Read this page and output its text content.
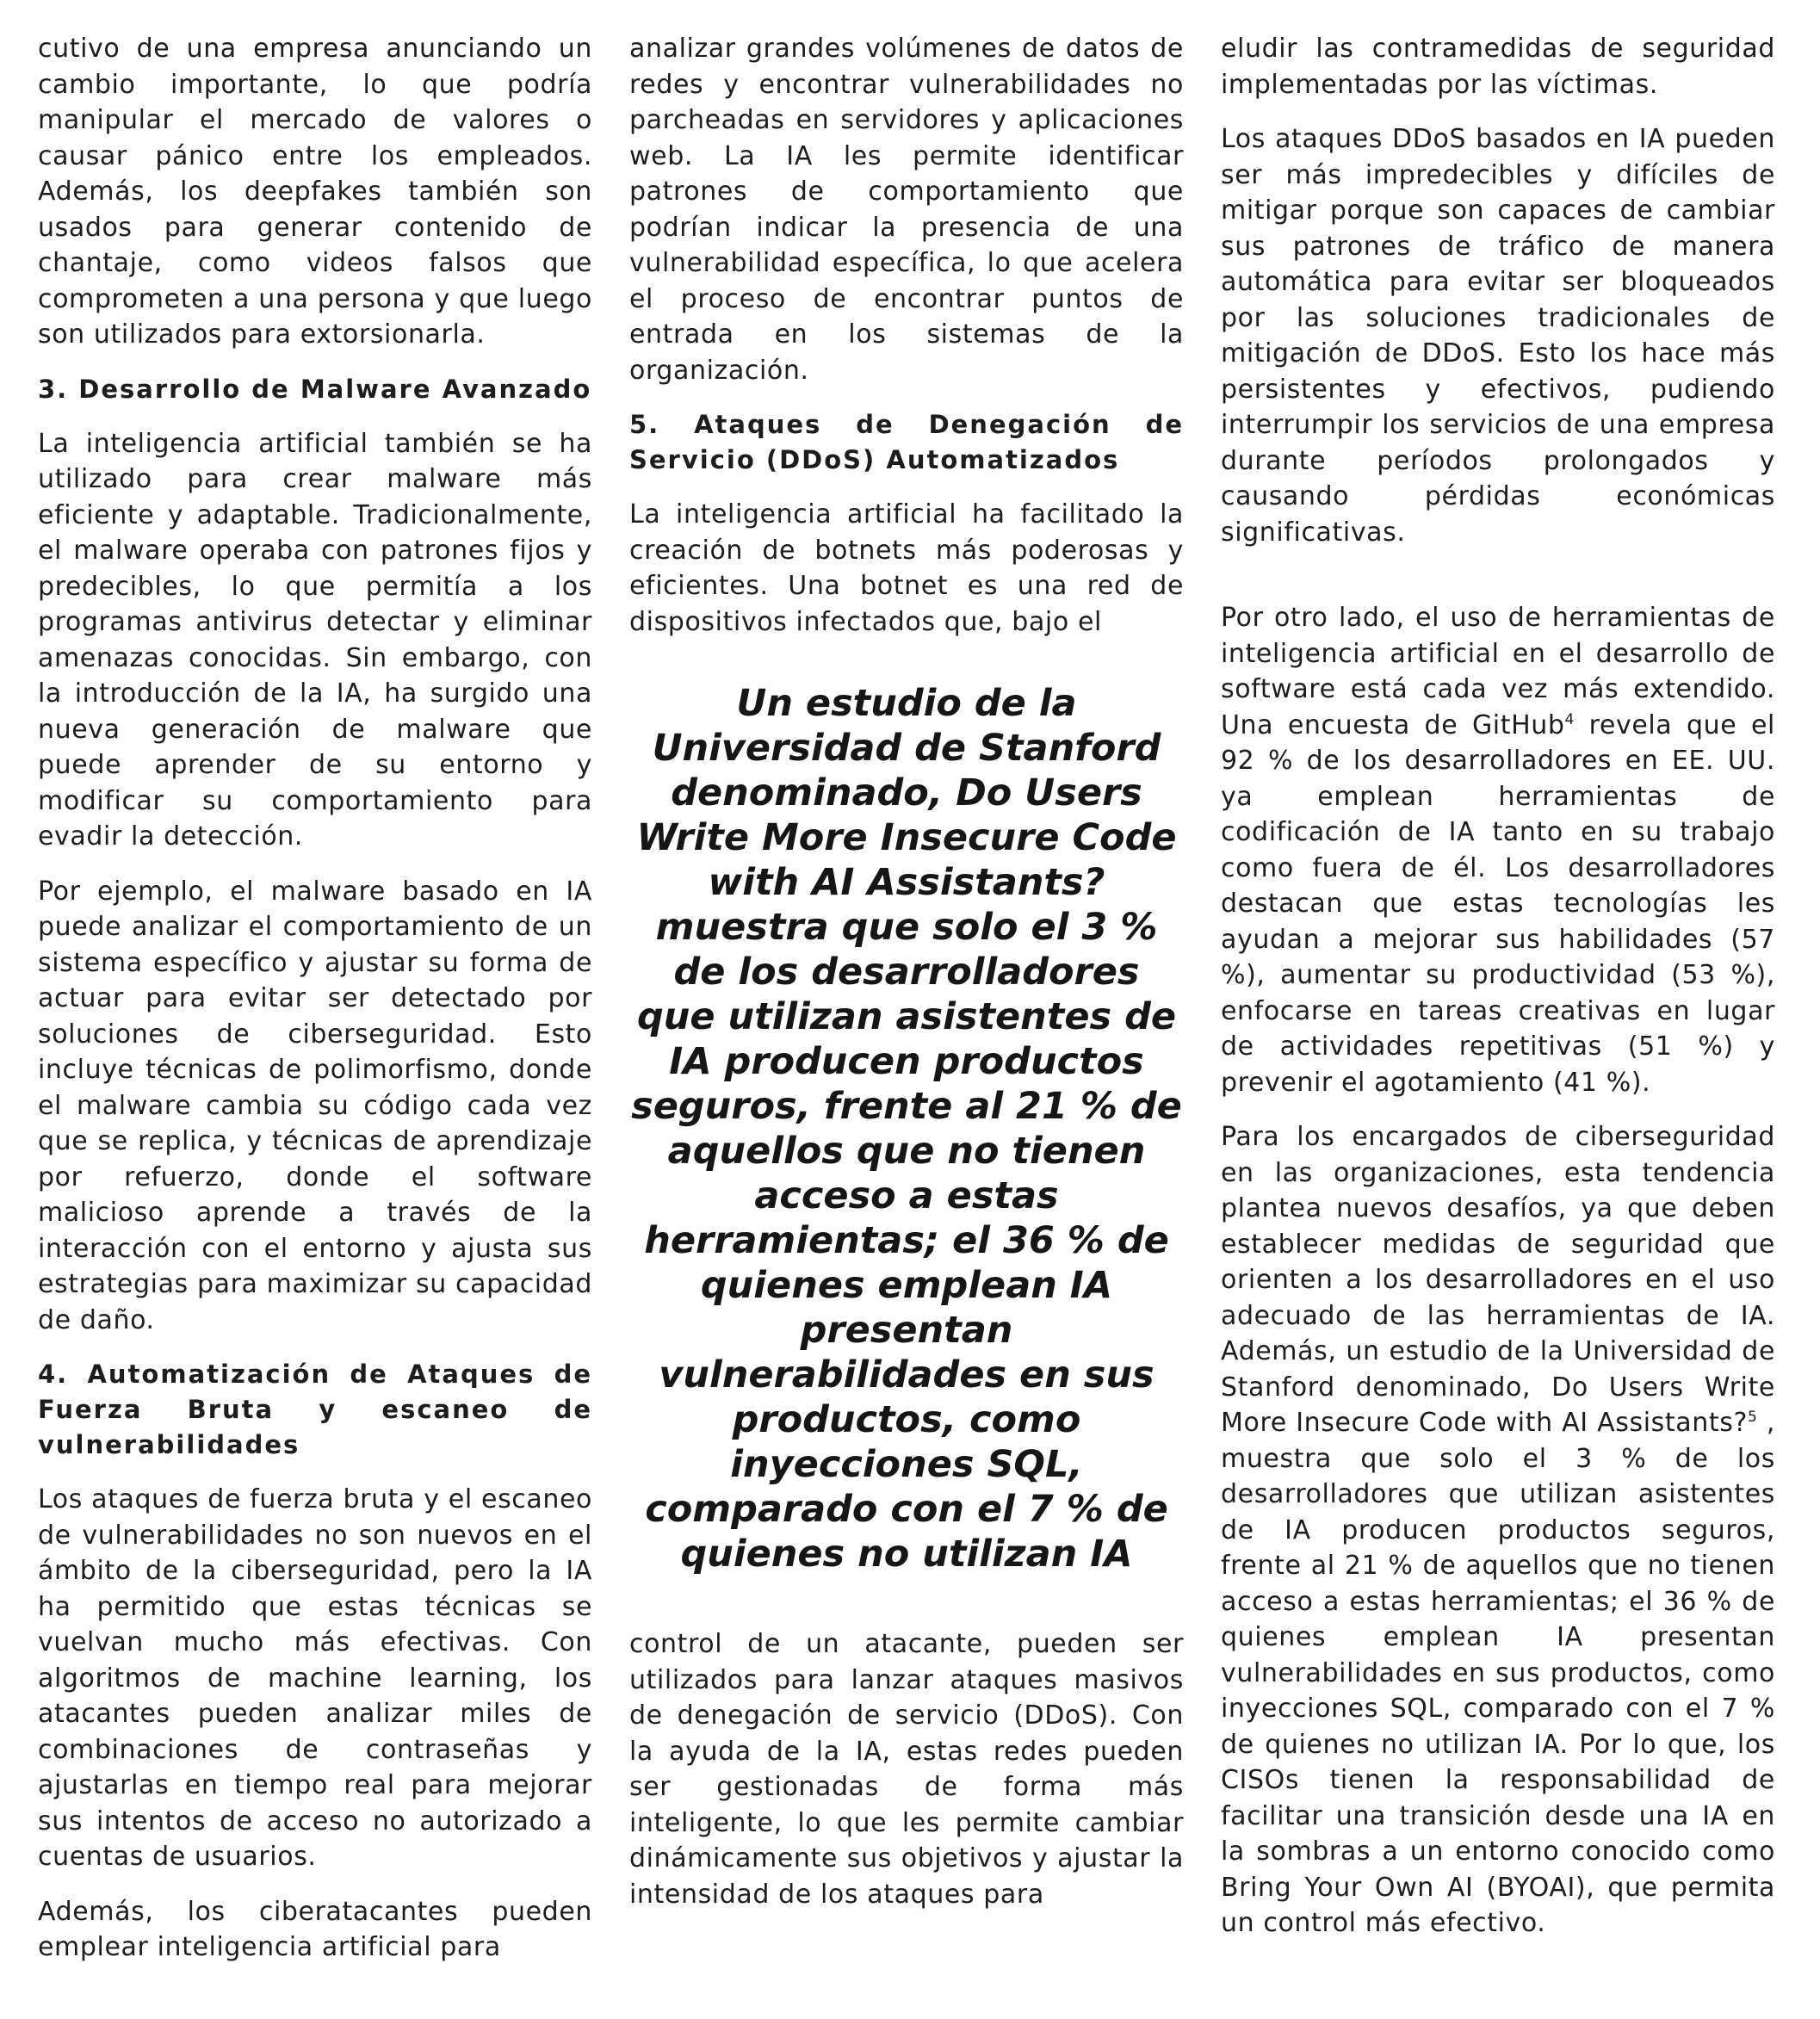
cutivo de una empresa anunciando un cambio importante, lo que podría manipular el mercado de valores o causar pánico entre los empleados. Además, los deepfakes también son usados para generar contenido de chantaje, como videos falsos que comprometen a una persona y que luego son utilizados para extorsionarla.

3. Desarrollo de Malware Avanzado

La inteligencia artificial también se ha utilizado para crear malware más eficiente y adaptable. Tradicionalmente, el malware operaba con patrones fijos y predecibles, lo que permitía a los programas antivirus detectar y eliminar amenazas conocidas. Sin embargo, con la introducción de la IA, ha surgido una nueva generación de malware que puede aprender de su entorno y modificar su comportamiento para evadir la detección.

Por ejemplo, el malware basado en IA puede analizar el comportamiento de un sistema específico y ajustar su forma de actuar para evitar ser detectado por soluciones de ciberseguridad. Esto incluye técnicas de polimorfismo, donde el malware cambia su código cada vez que se replica, y técnicas de aprendizaje por refuerzo, donde el software malicioso aprende a través de la interacción con el entorno y ajusta sus estrategias para maximizar su capacidad de daño.

4. Automatización de Ataques de Fuerza Bruta y escaneo de vulnerabilidades

Los ataques de fuerza bruta y el escaneo de vulnerabilidades no son nuevos en el ámbito de la ciberseguridad, pero la IA ha permitido que estas técnicas se vuelvan mucho más efectivas. Con algoritmos de machine learning, los atacantes pueden analizar miles de combinaciones de contraseñas y ajustarlas en tiempo real para mejorar sus intentos de acceso no autorizado a cuentas de usuarios.

Además, los ciberatacantes pueden emplear inteligencia artificial para

analizar grandes volúmenes de datos de redes y encontrar vulnerabilidades no parcheadas en servidores y aplicaciones web. La IA les permite identificar patrones de comportamiento que podrían indicar la presencia de una vulnerabilidad específica, lo que acelera el proceso de encontrar puntos de entrada en los sistemas de la organización.

5. Ataques de Denegación de Servicio (DDoS) Automatizados

La inteligencia artificial ha facilitado la creación de botnets más poderosas y eficientes. Una botnet es una red de dispositivos infectados que, bajo el

Un estudio de la Universidad de Stanford denominado, Do Users Write More Insecure Code with AI Assistants? muestra que solo el 3 % de los desarrolladores que utilizan asistentes de IA producen productos seguros, frente al 21 % de aquellos que no tienen acceso a estas herramientas; el 36 % de quienes emplean IA presentan vulnerabilidades en sus productos, como inyecciones SQL, comparado con el 7 % de quienes no utilizan IA

control de un atacante, pueden ser utilizados para lanzar ataques masivos de denegación de servicio (DDoS). Con la ayuda de la IA, estas redes pueden ser gestionadas de forma más inteligente, lo que les permite cambiar dinámicamente sus objetivos y ajustar la intensidad de los ataques para

eludir las contramedidas de seguridad implementadas por las víctimas.

Los ataques DDoS basados en IA pueden ser más impredecibles y difíciles de mitigar porque son capaces de cambiar sus patrones de tráfico de manera automática para evitar ser bloqueados por las soluciones tradicionales de mitigación de DDoS. Esto los hace más persistentes y efectivos, pudiendo interrumpir los servicios de una empresa durante períodos prolongados y causando pérdidas económicas significativas.

Por otro lado, el uso de herramientas de inteligencia artificial en el desarrollo de software está cada vez más extendido. Una encuesta de GitHub$^4$ revela que el 92 % de los desarrolladores en EE. UU. ya emplean herramientas de codificación de IA tanto en su trabajo como fuera de él. Los desarrolladores destacan que estas tecnologías les ayudan a mejorar sus habilidades (57 %), aumentar su productividad (53 %), enfocarse en tareas creativas en lugar de actividades repetitivas (51 %) y prevenir el agotamiento (41 %).

Para los encargados de ciberseguridad en las organizaciones, esta tendencia plantea nuevos desafíos, ya que deben establecer medidas de seguridad que orienten a los desarrolladores en el uso adecuado de las herramientas de IA. Además, un estudio de la Universidad de Stanford denominado, Do Users Write More Insecure Code with AI Assistants?$^5$ , muestra que solo el 3 % de los desarrolladores que utilizan asistentes de IA producen productos seguros, frente al 21 % de aquellos que no tienen acceso a estas herramientas; el 36 % de quienes emplean IA presentan vulnerabilidades en sus productos, como inyecciones SQL, comparado con el 7 % de quienes no utilizan IA. Por lo que, los CISOs tienen la responsabilidad de facilitar una transición desde una IA en la sombras a un entorno conocido como Bring Your Own AI (BYOAI), que permita un control más efectivo.
